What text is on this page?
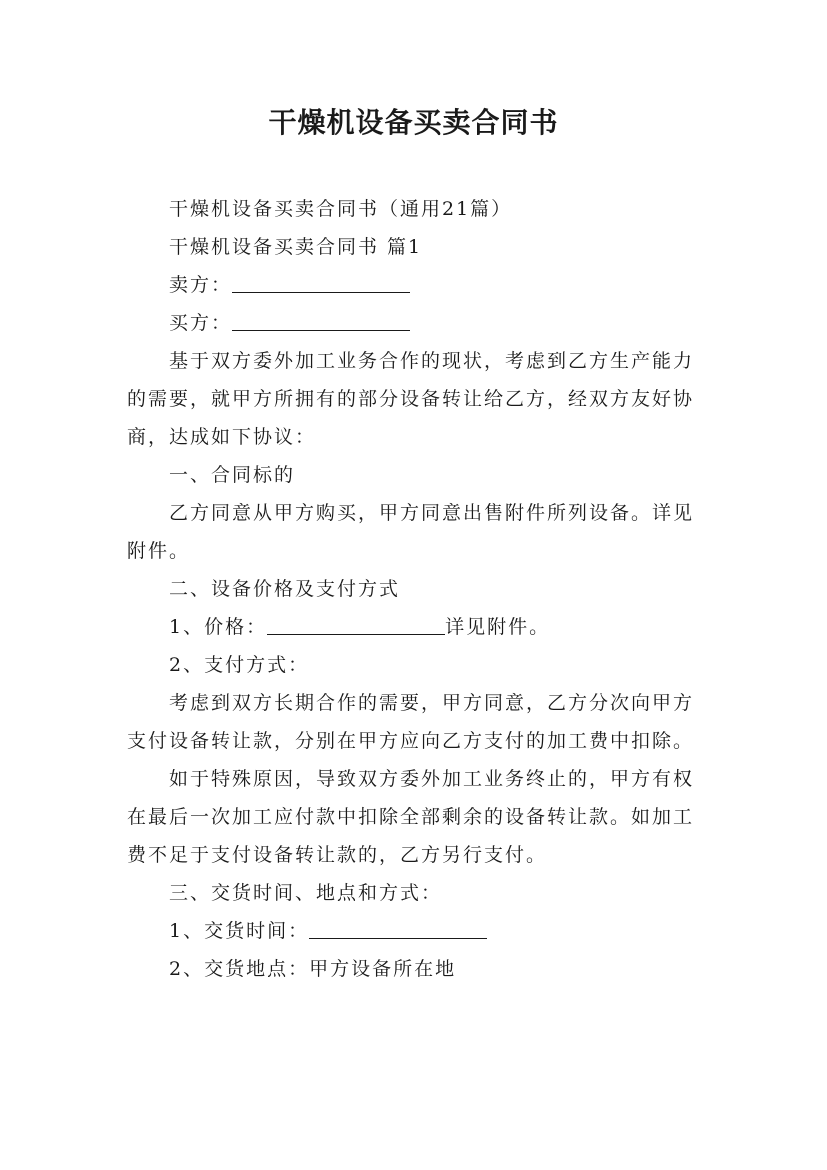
干燥机设备买卖合同书

干燥机设备买卖合同书（通用21篇）

干燥机设备买卖合同书 篇1

卖方：

买方：

基于双方委外加工业务合作的现状，考虑到乙方生产能力的需要，就甲方所拥有的部分设备转让给乙方，经双方友好协商，达成如下协议：

一、合同标的

乙方同意从甲方购买，甲方同意出售附件所列设备。详见附件。

二、设备价格及支付方式

1、价格：	详见附件。

2、支付方式：

考虑到双方长期合作的需要，甲方同意，乙方分次向甲方支付设备转让款，分别在甲方应向乙方支付的加工费中扣除。

如于特殊原因，导致双方委外加工业务终止的，甲方有权在最后一次加工应付款中扣除全部剩余的设备转让款。如加工费不足于支付设备转让款的，乙方另行支付。

三、交货时间、地点和方式：

1、交货时间：

2、交货地点：甲方设备所在地
